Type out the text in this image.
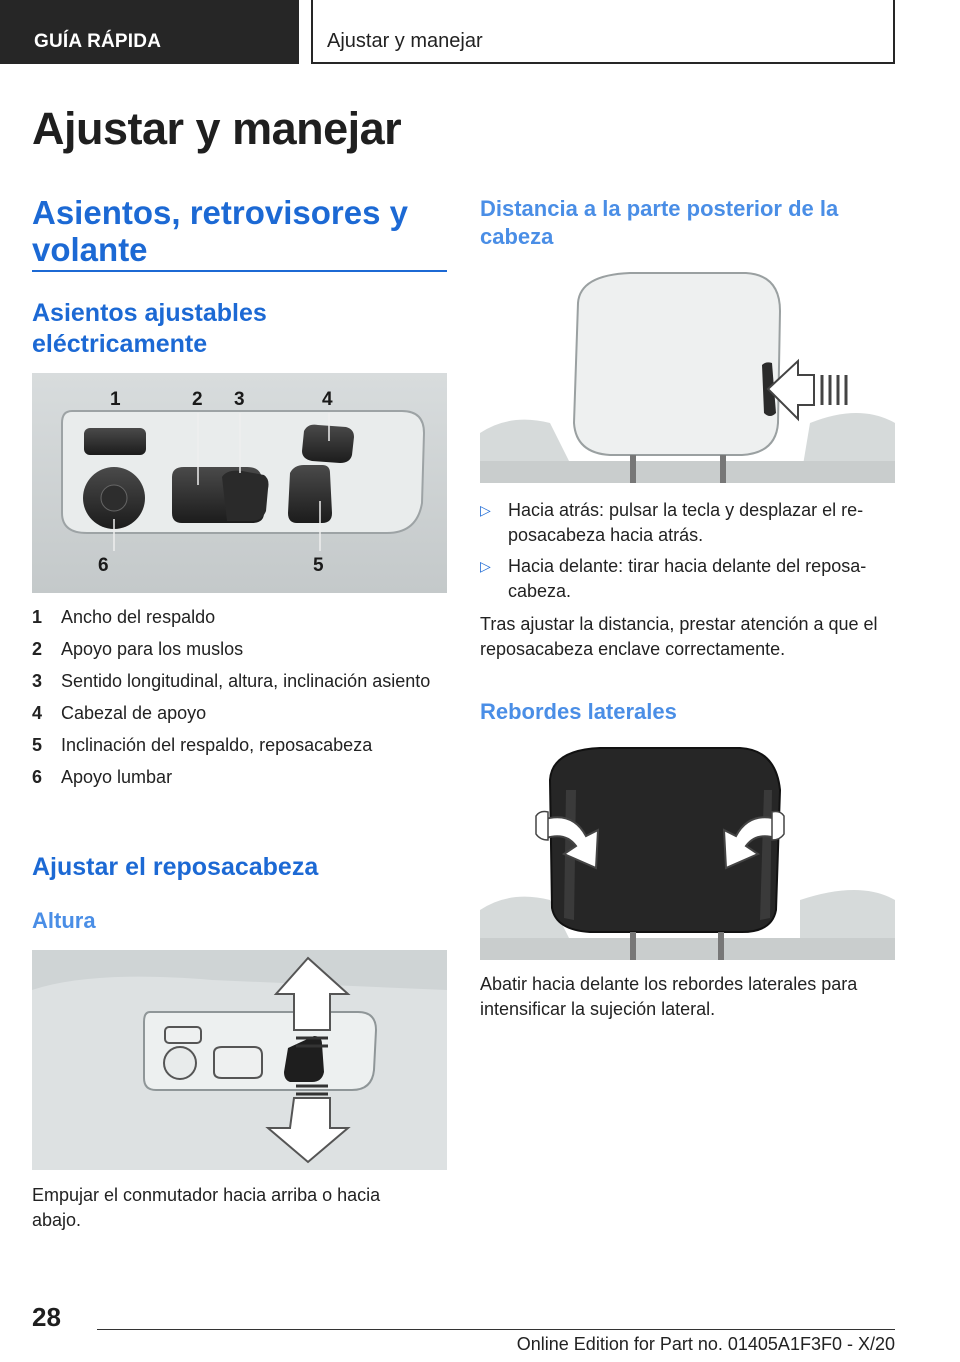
GUÍA RÁPIDA	Ajustar y manejar
Ajustar y manejar
Asientos, retrovisores y volante
Asientos ajustables eléctricamente
1	2 3	4
5
6
1 Ancho del respaldo
2 Apoyo para los muslos
3 Sentido longitudinal, altura, inclinación asiento
4 Cabezal de apoyo
5 Inclinación del respaldo, reposacabeza
6 Apoyo lumbar
Ajustar el reposacabeza
Altura

Empujar el conmutador hacia arriba o hacia abajo.

Distancia a la parte posterior de la cabeza
▷ Hacia atrás: pulsar la tecla y desplazar el reposacabeza hacia atrás.
▷ Hacia delante: tirar hacia delante del reposacabeza.

Tras ajustar la distancia, prestar atención a que el reposacabeza enclave correctamente.

Rebordes laterales

Abatir hacia delante los rebordes laterales para intensificar la sujeción lateral.

28
Online Edition for Part no. 01405A1F3F0 - X/20
